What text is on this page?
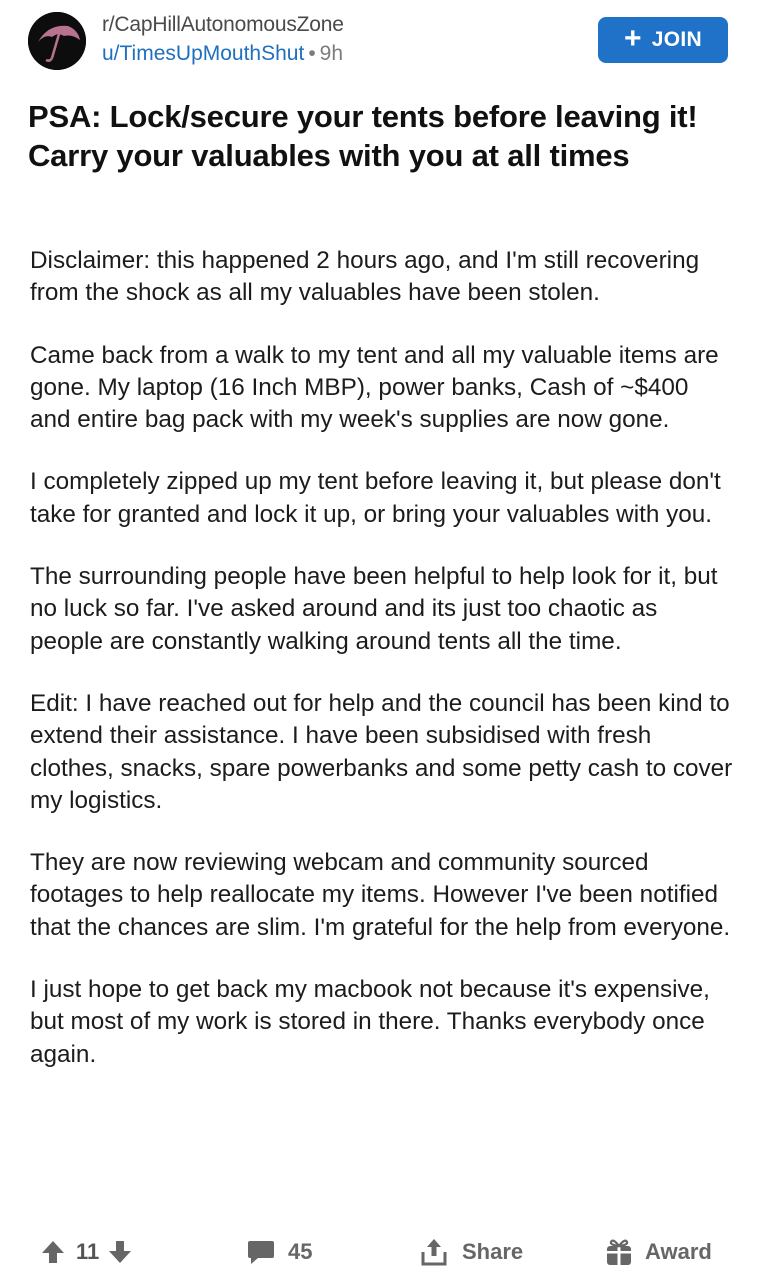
r/CapHillAutonomousZone
u/TimesUpMouthShut • 9h	+ JOIN
PSA: Lock/secure your tents before leaving it! Carry your valuables with you at all times

Disclaimer: this happened 2 hours ago, and I'm still recovering from the shock as all my valuables have been stolen.

Came back from a walk to my tent and all my valuable items are gone. My laptop (16 Inch MBP), power banks, Cash of ~$400 and entire bag pack with my week's supplies are now gone.

I completely zipped up my tent before leaving it, but please don't take for granted and lock it up, or bring your valuables with you.

The surrounding people have been helpful to help look for it, but no luck so far. I've asked around and its just too chaotic as people are constantly walking around tents all the time.

Edit: I have reached out for help and the council has been kind to extend their assistance. I have been subsidised with fresh clothes, snacks, spare powerbanks and some petty cash to cover my logistics.

They are now reviewing webcam and community sourced footages to help reallocate my items. However I've been notified that the chances are slim. I'm grateful for the help from everyone.

I just hope to get back my macbook not because it's expensive, but most of my work is stored in there. Thanks everybody once again.

11	45	Share	Award
